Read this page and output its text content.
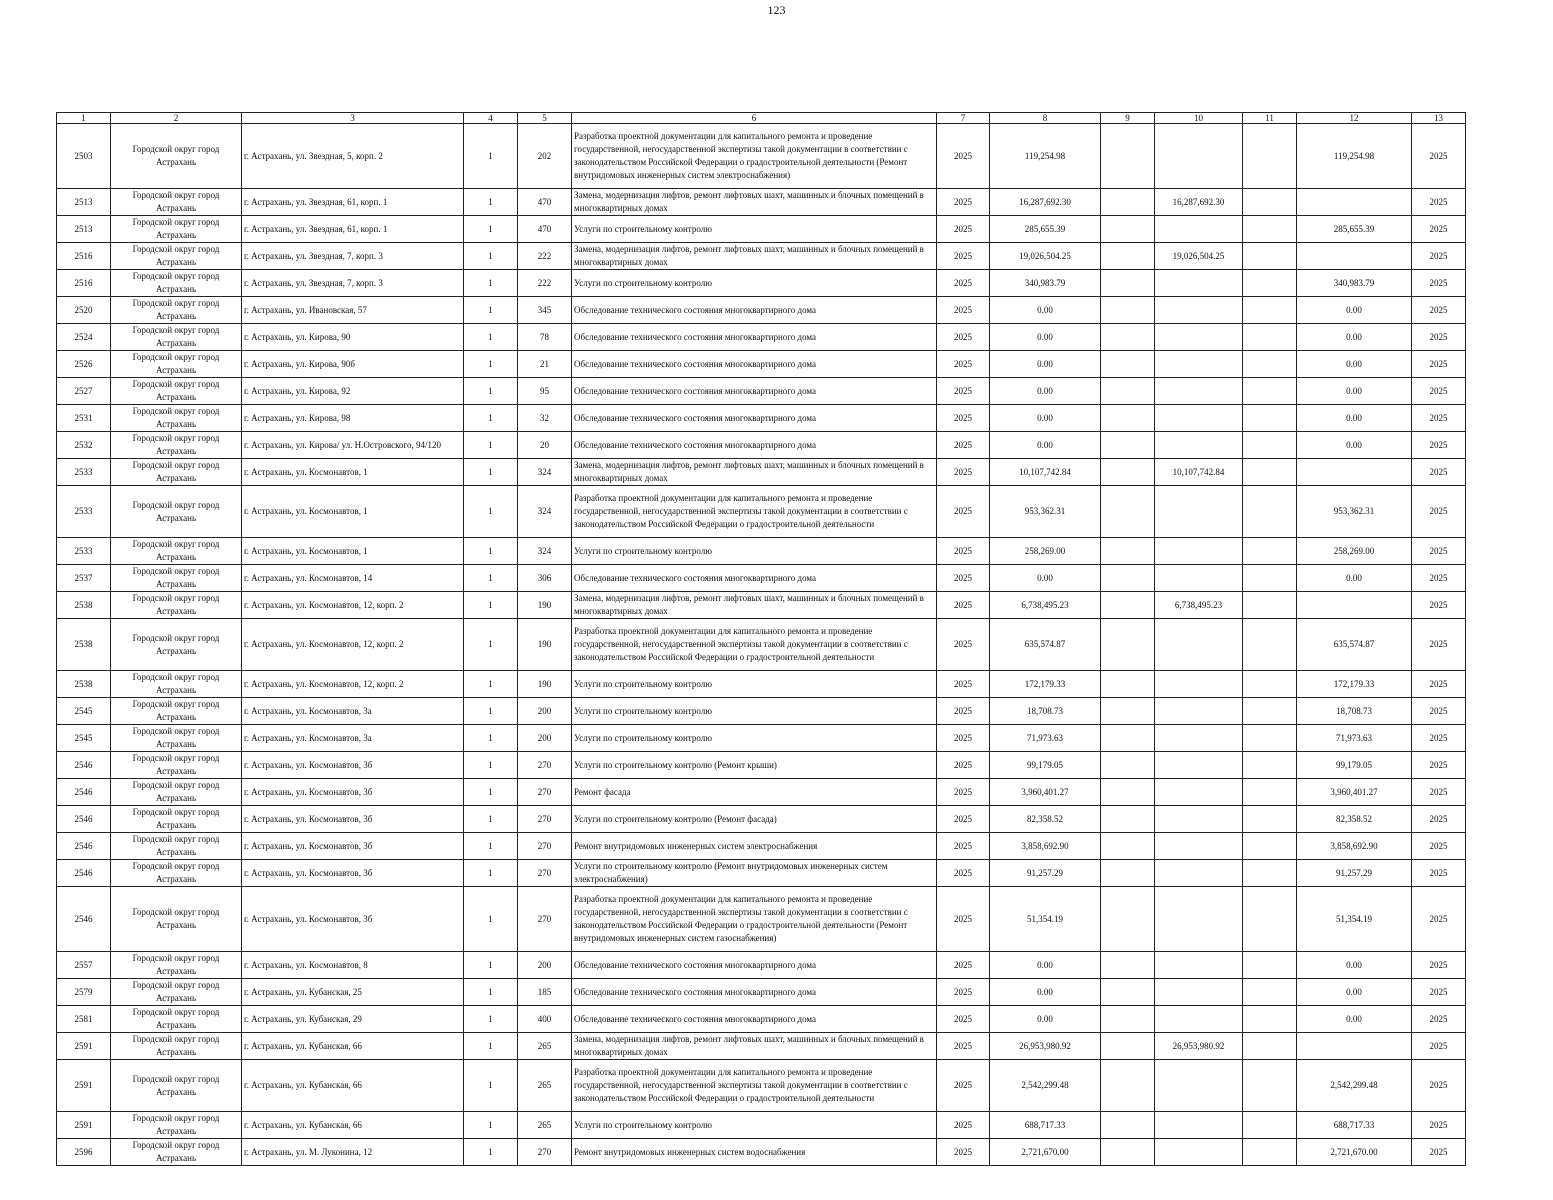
123
1	2	3	4	5	6	7	8	9	10	11	12	13
2503	Городской округ город Астрахань	г. Астрахань, ул. Звездная, 5, корп. 2	1	202	Разработка проектной документации для капитального ремонта и проведение государственной, негосударственной экспертизы такой документации в соответствии с законодательством Российской Федерации о градостроительной деятельности (Ремонт внутридомовых инженерных систем электроснабжения)	2025	119,254.98				119,254.98	2025
2513	Городской округ город Астрахань	г. Астрахань, ул. Звездная, 61, корп. 1	1	470	Замена, модернизация лифтов, ремонт лифтовых шахт, машинных и блочных помещений в многоквартирных домах	2025	16,287,692.30		16,287,692.30			2025
2513	Городской округ город Астрахань	г. Астрахань, ул. Звездная, 61, корп. 1	1	470	Услуги по строительному контролю	2025	285,655.39				285,655.39	2025
2516	Городской округ город Астрахань	г. Астрахань, ул. Звездная, 7, корп. 3	1	222	Замена, модернизация лифтов, ремонт лифтовых шахт, машинных и блочных помещений в многоквартирных домах	2025	19,026,504.25		19,026,504.25			2025
2516	Городской округ город Астрахань	г. Астрахань, ул. Звездная, 7, корп. 3	1	222	Услуги по строительному контролю	2025	340,983.79				340,983.79	2025
2520	Городской округ город Астрахань	г. Астрахань, ул. Ивановская, 57	1	345	Обследование технического состояния многоквартирного дома	2025	0.00				0.00	2025
2524	Городской округ город Астрахань	г. Астрахань, ул. Кирова, 90	1	78	Обследование технического состояния многоквартирного дома	2025	0.00				0.00	2025
2526	Городской округ город Астрахань	г. Астрахань, ул. Кирова, 90б	1	21	Обследование технического состояния многоквартирного дома	2025	0.00				0.00	2025
2527	Городской округ город Астрахань	г. Астрахань, ул. Кирова, 92	1	95	Обследование технического состояния многоквартирного дома	2025	0.00				0.00	2025
2531	Городской округ город Астрахань	г. Астрахань, ул. Кирова, 98	1	32	Обследование технического состояния многоквартирного дома	2025	0.00				0.00	2025
2532	Городской округ город Астрахань	г. Астрахань, ул. Кирова/ ул. Н.Островского, 94/120	1	20	Обследование технического состояния многоквартирного дома	2025	0.00				0.00	2025
2533	Городской округ город Астрахань	г. Астрахань, ул. Космонавтов, 1	1	324	Замена, модернизация лифтов, ремонт лифтовых шахт, машинных и блочных помещений в многоквартирных домах	2025	10,107,742.84		10,107,742.84			2025
2533	Городской округ город Астрахань	г. Астрахань, ул. Космонавтов, 1	1	324	Разработка проектной документации для капитального ремонта и проведение государственной, негосударственной экспертизы такой документации в соответствии с законодательством Российской Федерации о градостроительной деятельности	2025	953,362.31				953,362.31	2025
2533	Городской округ город Астрахань	г. Астрахань, ул. Космонавтов, 1	1	324	Услуги по строительному контролю	2025	258,269.00				258,269.00	2025
2537	Городской округ город Астрахань	г. Астрахань, ул. Космонавтов, 14	1	306	Обследование технического состояния многоквартирного дома	2025	0.00				0.00	2025
2538	Городской округ город Астрахань	г. Астрахань, ул. Космонавтов, 12, корп. 2	1	190	Замена, модернизация лифтов, ремонт лифтовых шахт, машинных и блочных помещений в многоквартирных домах	2025	6,738,495.23		6,738,495.23			2025
2538	Городской округ город Астрахань	г. Астрахань, ул. Космонавтов, 12, корп. 2	1	190	Разработка проектной документации для капитального ремонта и проведение государственной, негосударственной экспертизы такой документации в соответствии с законодательством Российской Федерации о градостроительной деятельности	2025	635,574.87				635,574.87	2025
2538	Городской округ город Астрахань	г. Астрахань, ул. Космонавтов, 12, корп. 2	1	190	Услуги по строительному контролю	2025	172,179.33				172,179.33	2025
2545	Городской округ город Астрахань	г. Астрахань, ул. Космонавтов, 3а	1	200	Услуги по строительному контролю	2025	18,708.73				18,708.73	2025
2545	Городской округ город Астрахань	г. Астрахань, ул. Космонавтов, 3а	1	200	Услуги по строительному контролю	2025	71,973.63				71,973.63	2025
2546	Городской округ город Астрахань	г. Астрахань, ул. Космонавтов, 3б	1	270	Услуги по строительному контролю (Ремонт крыши)	2025	99,179.05				99,179.05	2025
2546	Городской округ город Астрахань	г. Астрахань, ул. Космонавтов, 3б	1	270	Ремонт фасада	2025	3,960,401.27				3,960,401.27	2025
2546	Городской округ город Астрахань	г. Астрахань, ул. Космонавтов, 3б	1	270	Услуги по строительному контролю (Ремонт фасада)	2025	82,358.52				82,358.52	2025
2546	Городской округ город Астрахань	г. Астрахань, ул. Космонавтов, 3б	1	270	Ремонт внутридомовых инженерных систем электроснабжения	2025	3,858,692.90				3,858,692.90	2025
2546	Городской округ город Астрахань	г. Астрахань, ул. Космонавтов, 3б	1	270	Услуги по строительному контролю (Ремонт внутридомовых инженерных систем электроснабжения)	2025	91,257.29				91,257.29	2025
2546	Городской округ город Астрахань	г. Астрахань, ул. Космонавтов, 3б	1	270	Разработка проектной документации для капитального ремонта и проведение государственной, негосударственной экспертизы такой документации в соответствии с законодательством Российской Федерации о градостроительной деятельности (Ремонт внутридомовых инженерных систем газоснабжения)	2025	51,354.19				51,354.19	2025
2557	Городской округ город Астрахань	г. Астрахань, ул. Космонавтов, 8	1	200	Обследование технического состояния многоквартирного дома	2025	0.00				0.00	2025
2579	Городской округ город Астрахань	г. Астрахань, ул. Кубанская, 25	1	185	Обследование технического состояния многоквартирного дома	2025	0.00				0.00	2025
2581	Городской округ город Астрахань	г. Астрахань, ул. Кубанская, 29	1	400	Обследование технического состояния многоквартирного дома	2025	0.00				0.00	2025
2591	Городской округ город Астрахань	г. Астрахань, ул. Кубанская, 66	1	265	Замена, модернизация лифтов, ремонт лифтовых шахт, машинных и блочных помещений в многоквартирных домах	2025	26,953,980.92		26,953,980.92			2025
2591	Городской округ город Астрахань	г. Астрахань, ул. Кубанская, 66	1	265	Разработка проектной документации для капитального ремонта и проведение государственной, негосударственной экспертизы такой документации в соответствии с законодательством Российской Федерации о градостроительной деятельности	2025	2,542,299.48				2,542,299.48	2025
2591	Городской округ город Астрахань	г. Астрахань, ул. Кубанская, 66	1	265	Услуги по строительному контролю	2025	688,717.33				688,717.33	2025
2596	Городской округ город Астрахань	г. Астрахань, ул. М. Луконина, 12	1	270	Ремонт внутридомовых инженерных систем водоснабжения	2025	2,721,670.00				2,721,670.00	2025
